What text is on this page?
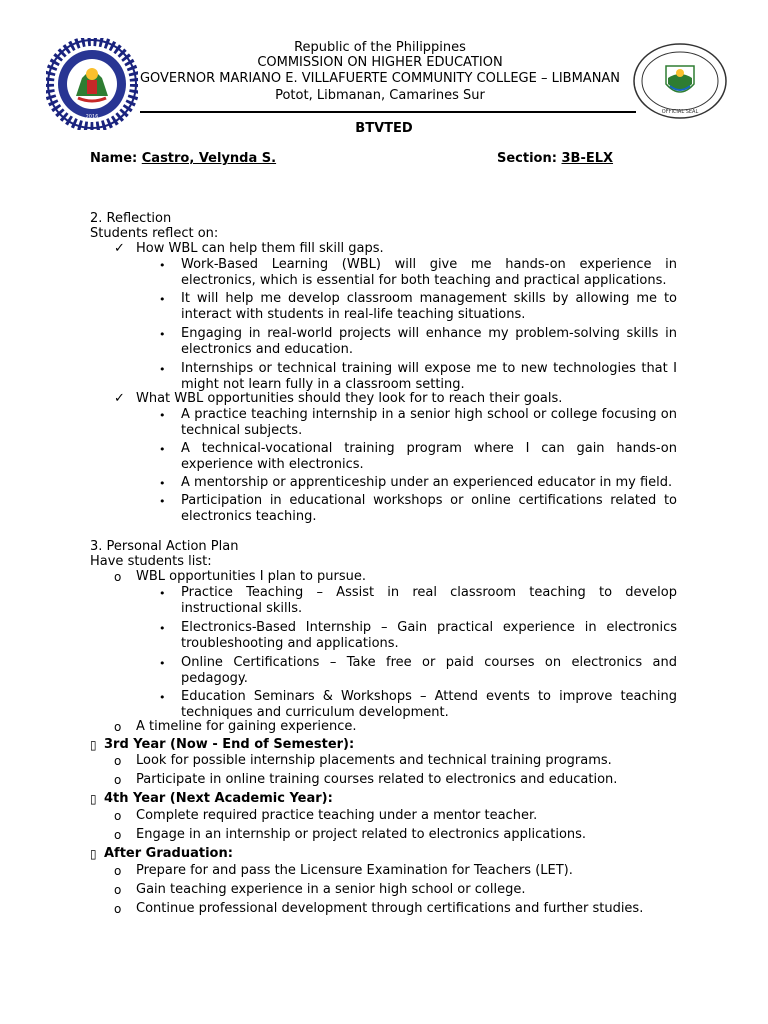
2016
OFFICIAL SEAL
Republic of the Philippines
COMMISSION ON HIGHER EDUCATION
GOVERNOR MARIANO E. VILLAFUERTE COMMUNITY COLLEGE – LIBMANAN
Potot, Libmanan, Camarines Sur
BTVTED
Name: Castro, Velynda S.	Section: 3B-ELX
2. Reflection
Students reflect on:
✓ How WBL can help them fill skill gaps.
• Work-Based Learning (WBL) will give me hands-on experience in electronics, which is essential for both teaching and practical applications.
• It will help me develop classroom management skills by allowing me to interact with students in real-life teaching situations.
• Engaging in real-world projects will enhance my problem-solving skills in electronics and education.
• Internships or technical training will expose me to new technologies that I might not learn fully in a classroom setting.
✓ What WBL opportunities should they look for to reach their goals.
• A practice teaching internship in a senior high school or college focusing on technical subjects.
• A technical-vocational training program where I can gain hands-on experience with electronics.
• A mentorship or apprenticeship under an experienced educator in my field.
• Participation in educational workshops or online certifications related to electronics teaching.
3. Personal Action Plan
Have students list:
o WBL opportunities I plan to pursue.
• Practice Teaching – Assist in real classroom teaching to develop instructional skills.
• Electronics-Based Internship – Gain practical experience in electronics troubleshooting and applications.
• Online Certifications – Take free or paid courses on electronics and pedagogy.
• Education Seminars & Workshops – Attend events to improve teaching techniques and curriculum development.
o A timeline for gaining experience.
▯ 3rd Year (Now - End of Semester):
o Look for possible internship placements and technical training programs.
o Participate in online training courses related to electronics and education.
▯ 4th Year (Next Academic Year):
o Complete required practice teaching under a mentor teacher.
o Engage in an internship or project related to electronics applications.
▯ After Graduation:
o Prepare for and pass the Licensure Examination for Teachers (LET).
o Gain teaching experience in a senior high school or college.
o Continue professional development through certifications and further studies.
